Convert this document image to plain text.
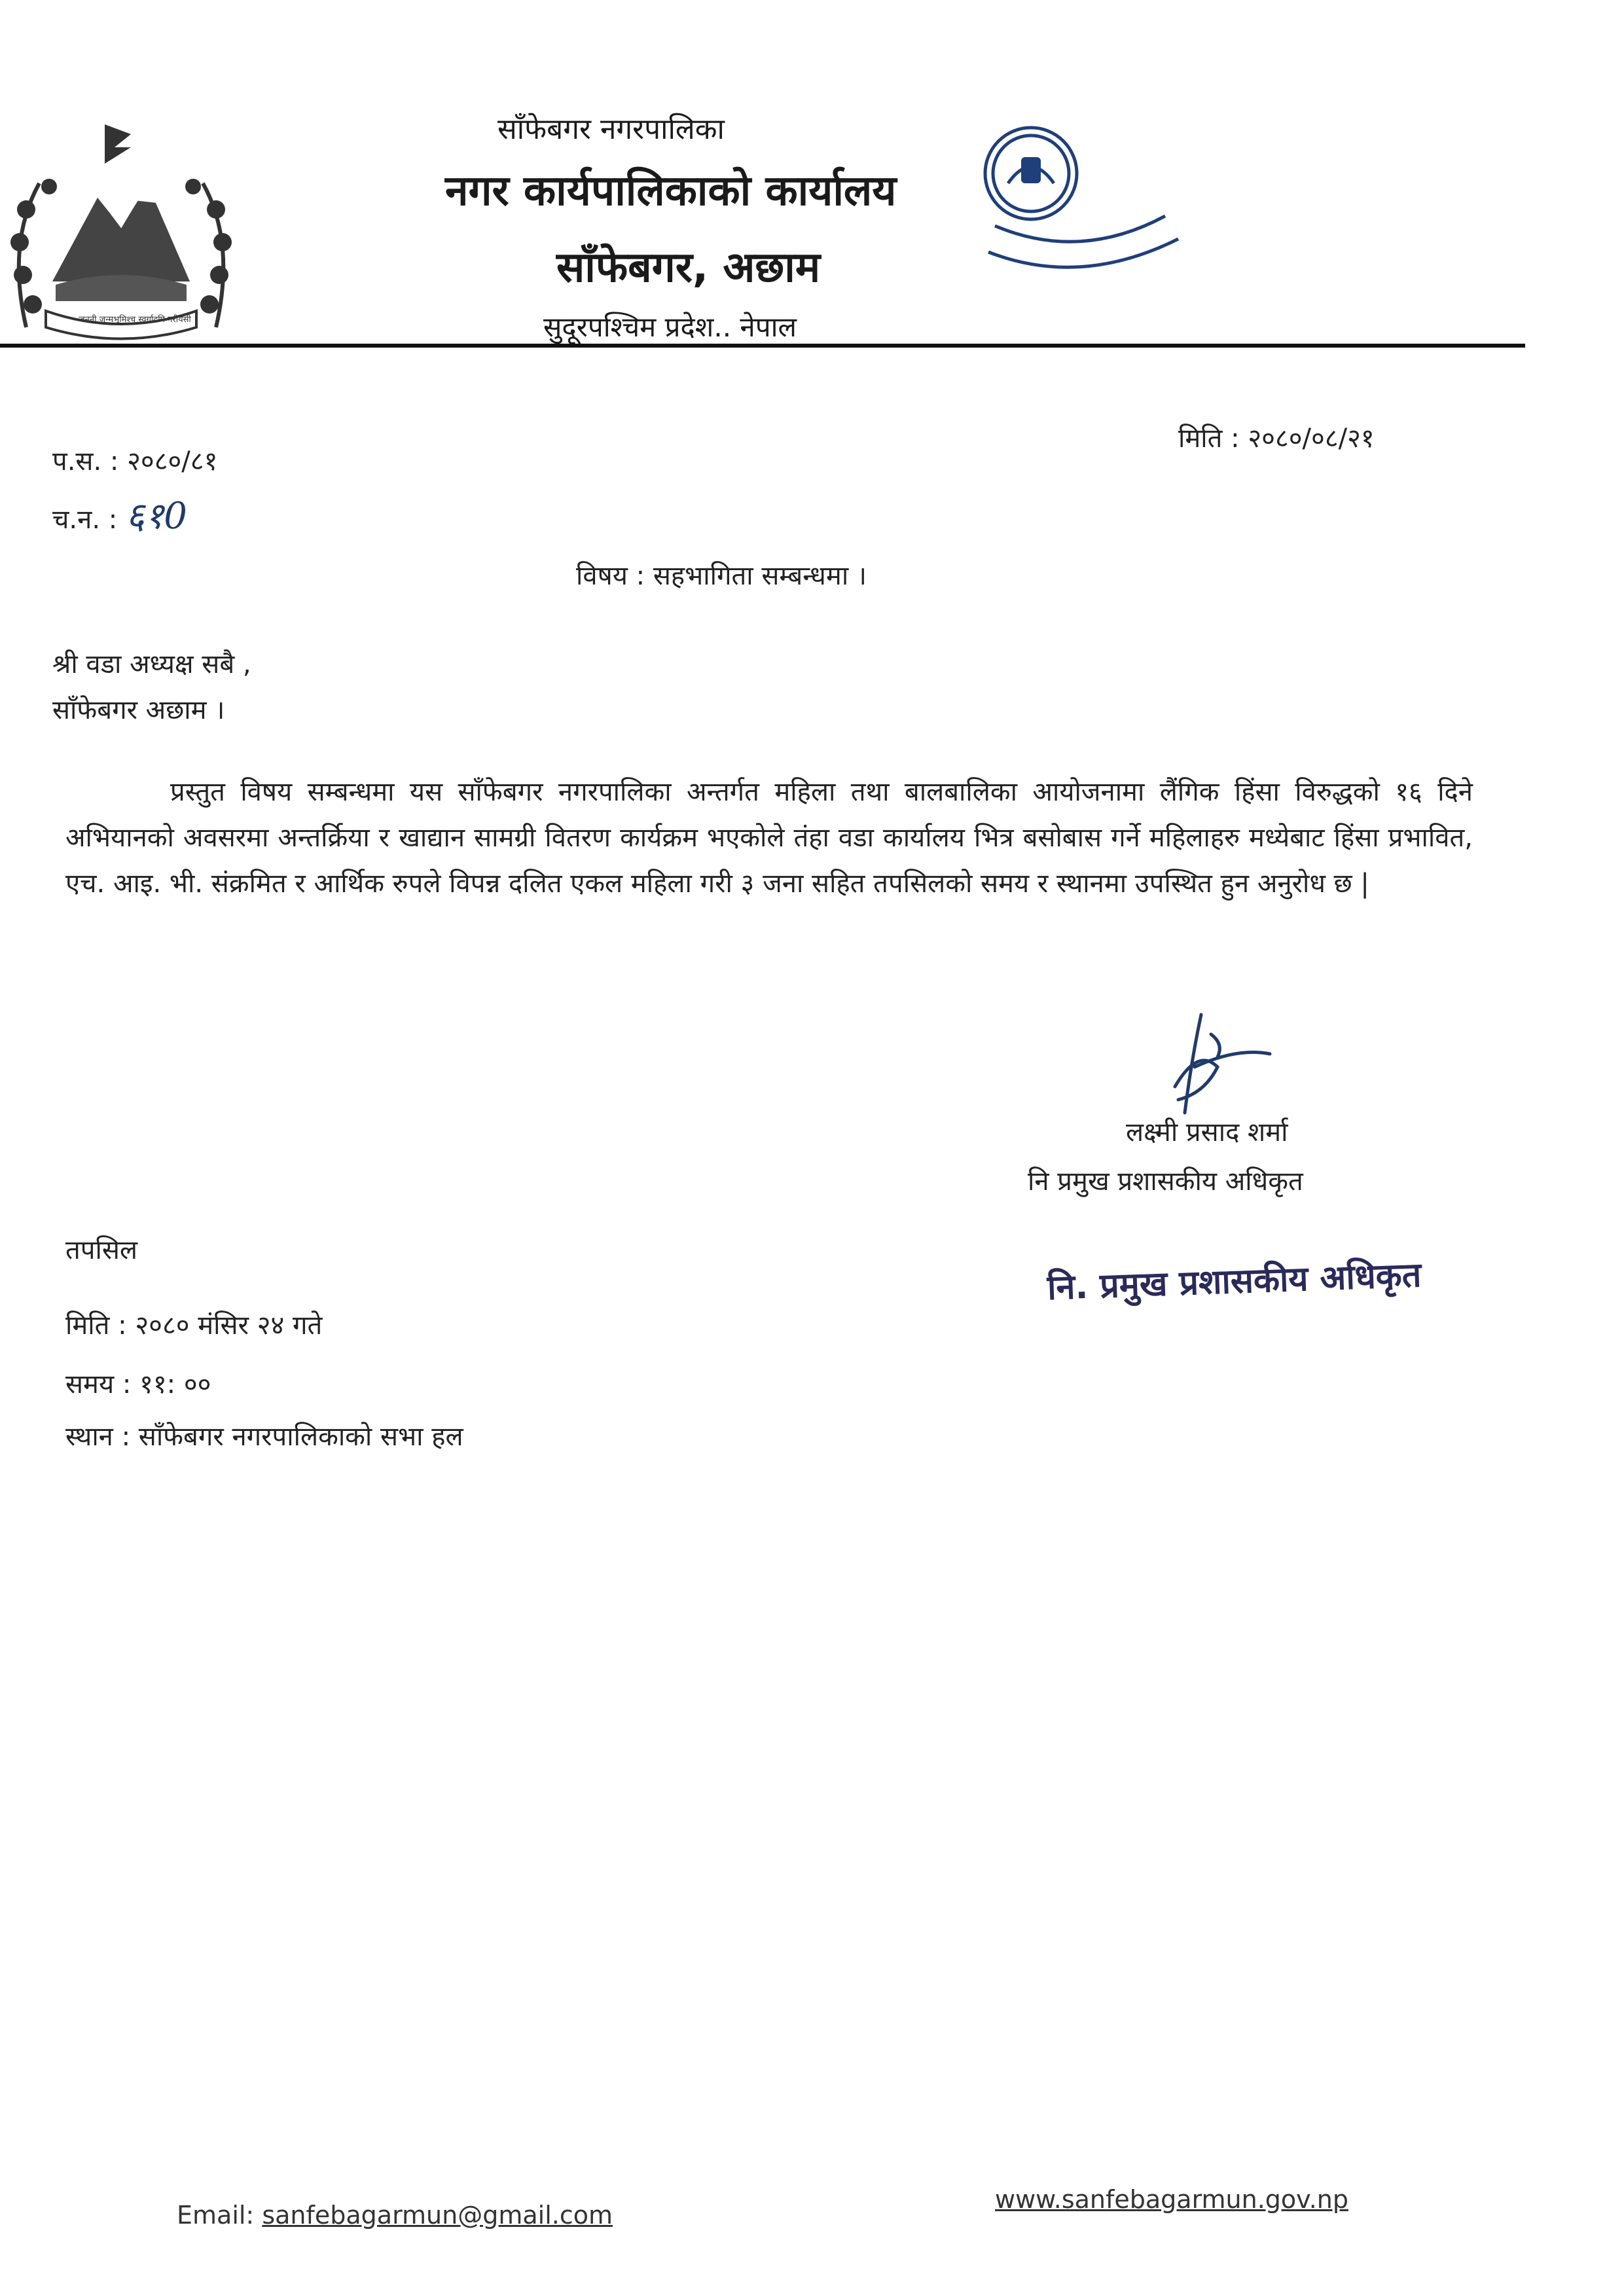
जननी जन्मभूमिश्च स्वर्गादपि गरीयसी
साँफेबगर नगरपालिका
नगर कार्यपालिकाको कार्यालय
साँफेबगर, अछाम
सुदूरपश्चिम प्रदेश.. नेपाल
प.स. : २०८०/८१
च.न. : ६१0
मिति : २०८०/०८/२१
विषय : सहभागिता सम्बन्धमा ।
श्री वडा अध्यक्ष सबै ,
साँफेबगर अछाम ।
प्रस्तुत विषय सम्बन्धमा यस साँफेबगर नगरपालिका अन्तर्गत महिला तथा बालबालिका आयोजनामा लैंगिक हिंसा विरुद्धको १६ दिने अभियानको अवसरमा अन्तर्क्रिया र खाद्यान सामग्री वितरण कार्यक्रम भएकोले तंहा वडा कार्यालय भित्र बसोबास गर्ने महिलाहरु मध्येबाट हिंसा प्रभावित, एच. आइ. भी. संक्रमित र आर्थिक रुपले विपन्न दलित एकल महिला गरी ३ जना सहित तपसिलको समय र स्थानमा उपस्थित हुन अनुरोध छ |
लक्ष्मी प्रसाद शर्मा
नि प्रमुख प्रशासकीय अधिकृत
नि. प्रमुख प्रशासकीय अधिकृत
तपसिल
मिति : २०८० मंसिर २४ गते
समय : ११: ००
स्थान : साँफेबगर नगरपालिकाको सभा हल
Email: sanfebagarmun@gmail.com
www.sanfebagarmun.gov.np
